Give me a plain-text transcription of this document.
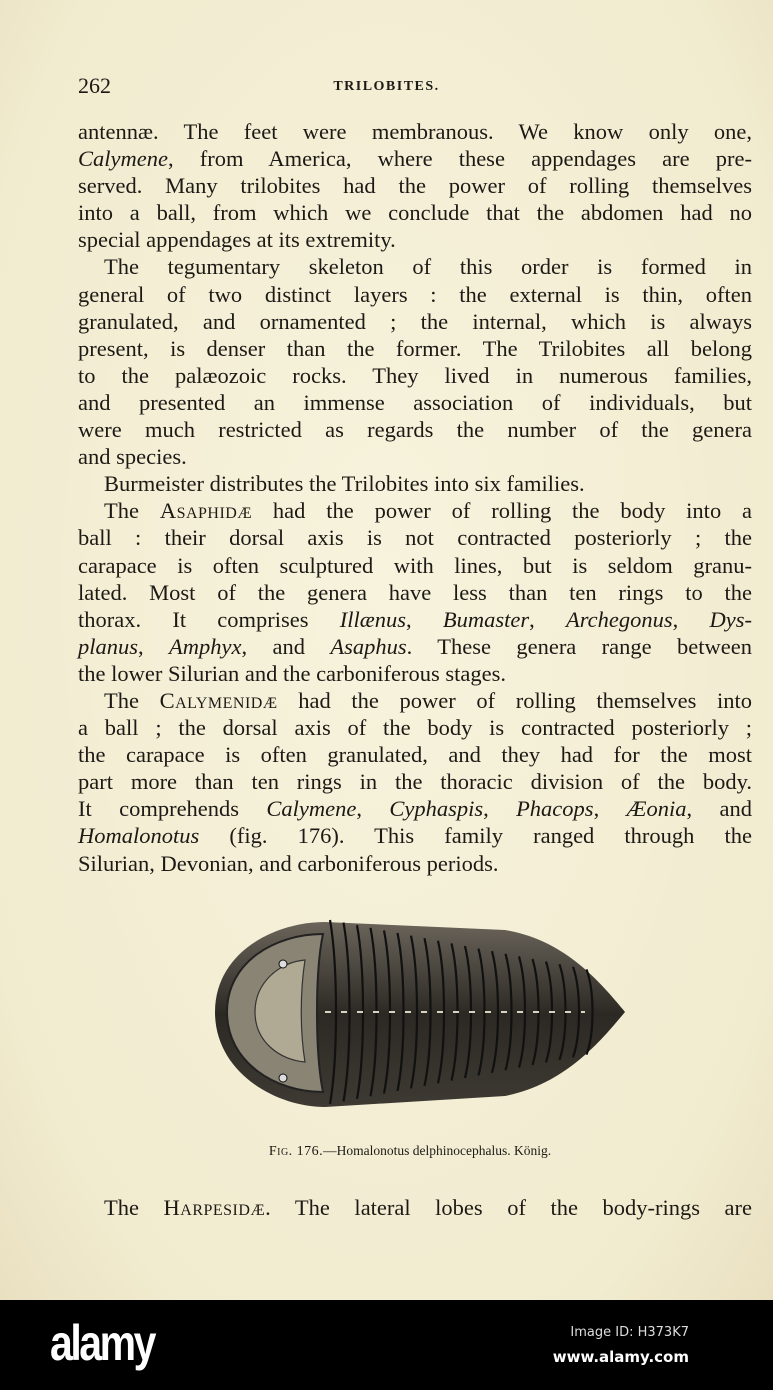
262	TRILOBITES.
antennæ. The feet were membranous. We know only one,
Calymene, from America, where these appendages are pre-
served. Many trilobites had the power of rolling themselves
into a ball, from which we conclude that the abdomen had no
special appendages at its extremity.
The tegumentary skeleton of this order is formed in
general of two distinct layers : the external is thin, often
granulated, and ornamented ; the internal, which is always
present, is denser than the former. The Trilobites all belong
to the palæozoic rocks. They lived in numerous families,
and presented an immense association of individuals, but
were much restricted as regards the number of the genera
and species.
Burmeister distributes the Trilobites into six families.
The Asaphidæ had the power of rolling the body into a
ball : their dorsal axis is not contracted posteriorly ; the
carapace is often sculptured with lines, but is seldom granu-
lated. Most of the genera have less than ten rings to the
thorax. It comprises Illænus, Bumaster, Archegonus, Dys-
planus, Amphyx, and Asaphus. These genera range between
the lower Silurian and the carboniferous stages.
The Calymenidæ had the power of rolling themselves into
a ball ; the dorsal axis of the body is contracted posteriorly ;
the carapace is often granulated, and they had for the most
part more than ten rings in the thoracic division of the body.
It comprehends Calymene, Cyphaspis, Phacops, Æonia, and
Homalonotus (fig. 176). This family ranged through the
Silurian, Devonian, and carboniferous periods.
Fig. 176.—Homalonotus delphinocephalus. König.
The Harpesidæ. The lateral lobes of the body-rings are
alamy	Image ID: H373K7
www.alamy.com
